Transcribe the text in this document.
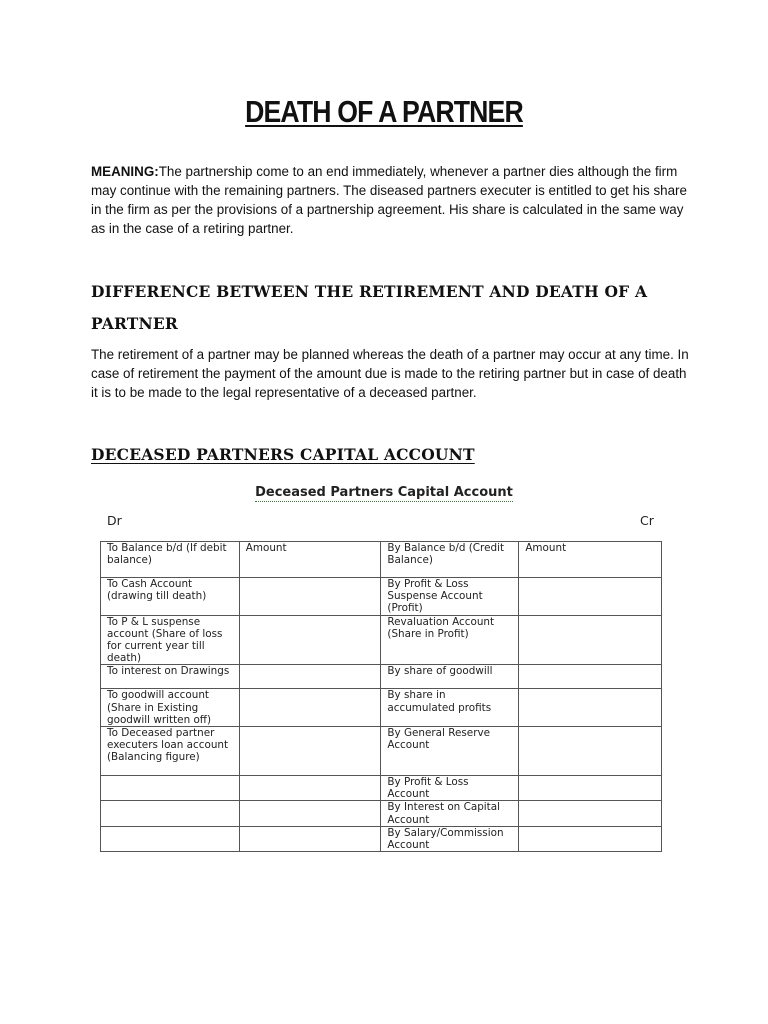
DEATH OF A PARTNER
MEANING:The partnership come to an end immediately, whenever a partner dies although the firm may continue with the remaining partners. The diseased partners executer is entitled to get his share in the firm as per the provisions of a partnership agreement. His share is calculated in the same way as in the case of a retiring partner.
DIFFERENCE BETWEEN THE RETIREMENT AND DEATH OF A PARTNER
The retirement of a partner may be planned whereas the death of a partner may occur at any time. In case of retirement the payment of the amount due is made to the retiring partner but in case of death it is to be made to the legal representative of a deceased partner.
DECEASED PARTNERS CAPITAL ACCOUNT
Deceased Partners Capital Account
Dr	Cr
To Balance b/d (If debit balance)	Amount	By Balance b/d (Credit Balance)	Amount
To Cash Account (drawing till death)		By Profit & Loss Suspense Account (Profit)	
To P & L suspense account (Share of loss for current year till death)		Revaluation Account (Share in Profit)	
To interest on Drawings		By share of goodwill	
To goodwill account (Share in Existing goodwill written off)		By share in accumulated profits	
To Deceased partner executers loan account (Balancing figure)		By General Reserve Account	
		By Profit & Loss Account	
		By Interest on Capital Account	
		By Salary/Commission Account	
